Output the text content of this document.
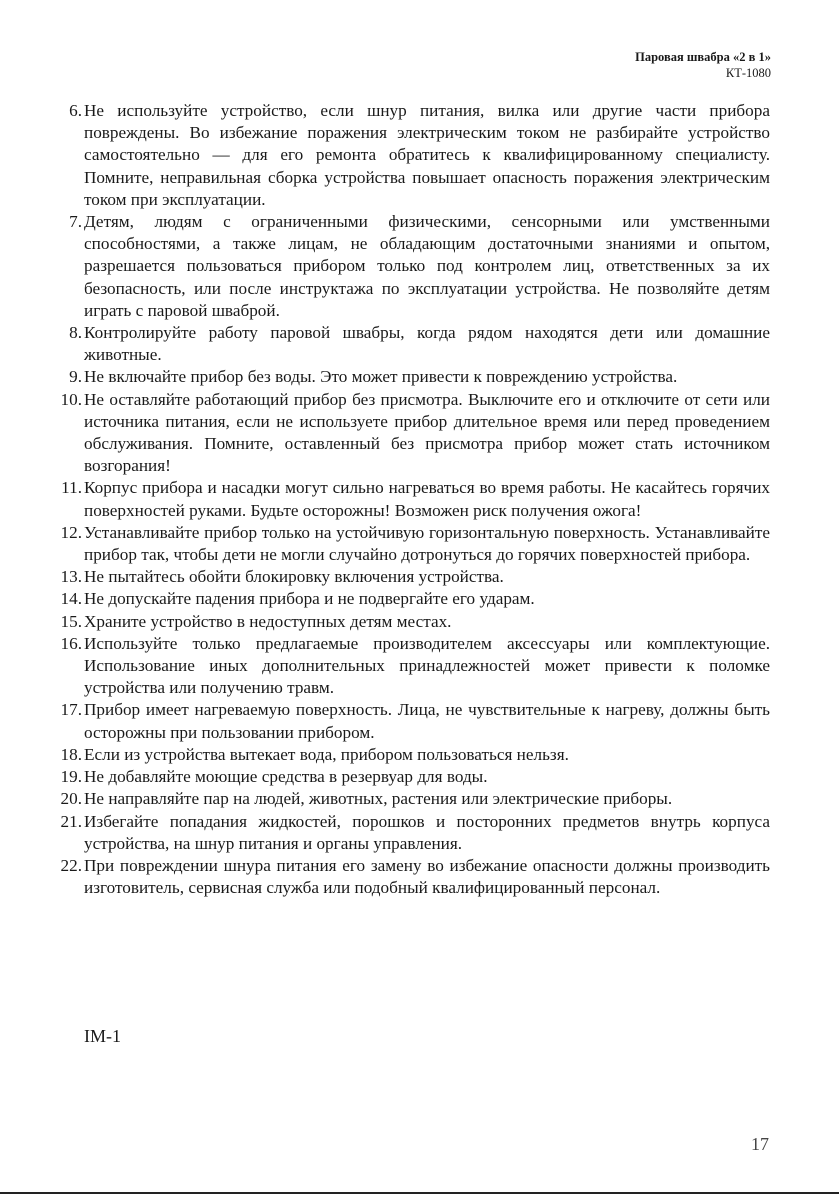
Паровая швабра «2 в 1»
КТ-1080
6. Не используйте устройство, если шнур питания, вилка или другие части прибора повреждены. Во избежание поражения электрическим током не разбирайте устройство самостоятельно — для его ремонта обратитесь к квалифицированному специалисту. Помните, неправильная сборка устройства повышает опасность поражения электрическим током при эксплуатации.
7. Детям, людям с ограниченными физическими, сенсорными или умственными способностями, а также лицам, не обладающим достаточными знаниями и опытом, разрешается пользоваться прибором только под контролем лиц, ответственных за их безопасность, или после инструктажа по эксплуатации устройства. Не позволяйте детям играть с паровой шваброй.
8. Контролируйте работу паровой швабры, когда рядом находятся дети или домашние животные.
9. Не включайте прибор без воды. Это может привести к повреждению устройства.
10. Не оставляйте работающий прибор без присмотра. Выключите его и отключите от сети или источника питания, если не используете прибор длительное время или перед проведением обслуживания. Помните, оставленный без присмотра прибор может стать источником возгорания!
11. Корпус прибора и насадки могут сильно нагреваться во время работы. Не касайтесь горячих поверхностей руками. Будьте осторожны! Возможен риск получения ожога!
12. Устанавливайте прибор только на устойчивую горизонтальную поверхность. Устанавливайте прибор так, чтобы дети не могли случайно дотронуться до горячих поверхностей прибора.
13. Не пытайтесь обойти блокировку включения устройства.
14. Не допускайте падения прибора и не подвергайте его ударам.
15. Храните устройство в недоступных детям местах.
16. Используйте только предлагаемые производителем аксессуары или комплектующие. Использование иных дополнительных принадлежностей может привести к поломке устройства или получению травм.
17. Прибор имеет нагреваемую поверхность. Лица, не чувствительные к нагреву, должны быть осторожны при пользовании прибором.
18. Если из устройства вытекает вода, прибором пользоваться нельзя.
19. Не добавляйте моющие средства в резервуар для воды.
20. Не направляйте пар на людей, животных, растения или электрические приборы.
21. Избегайте попадания жидкостей, порошков и посторонних предметов внутрь корпуса устройства, на шнур питания и органы управления.
22. При повреждении шнура питания его замену во избежание опасности должны производить изготовитель, сервисная служба или подобный квалифицированный персонал.
IM-1
17
